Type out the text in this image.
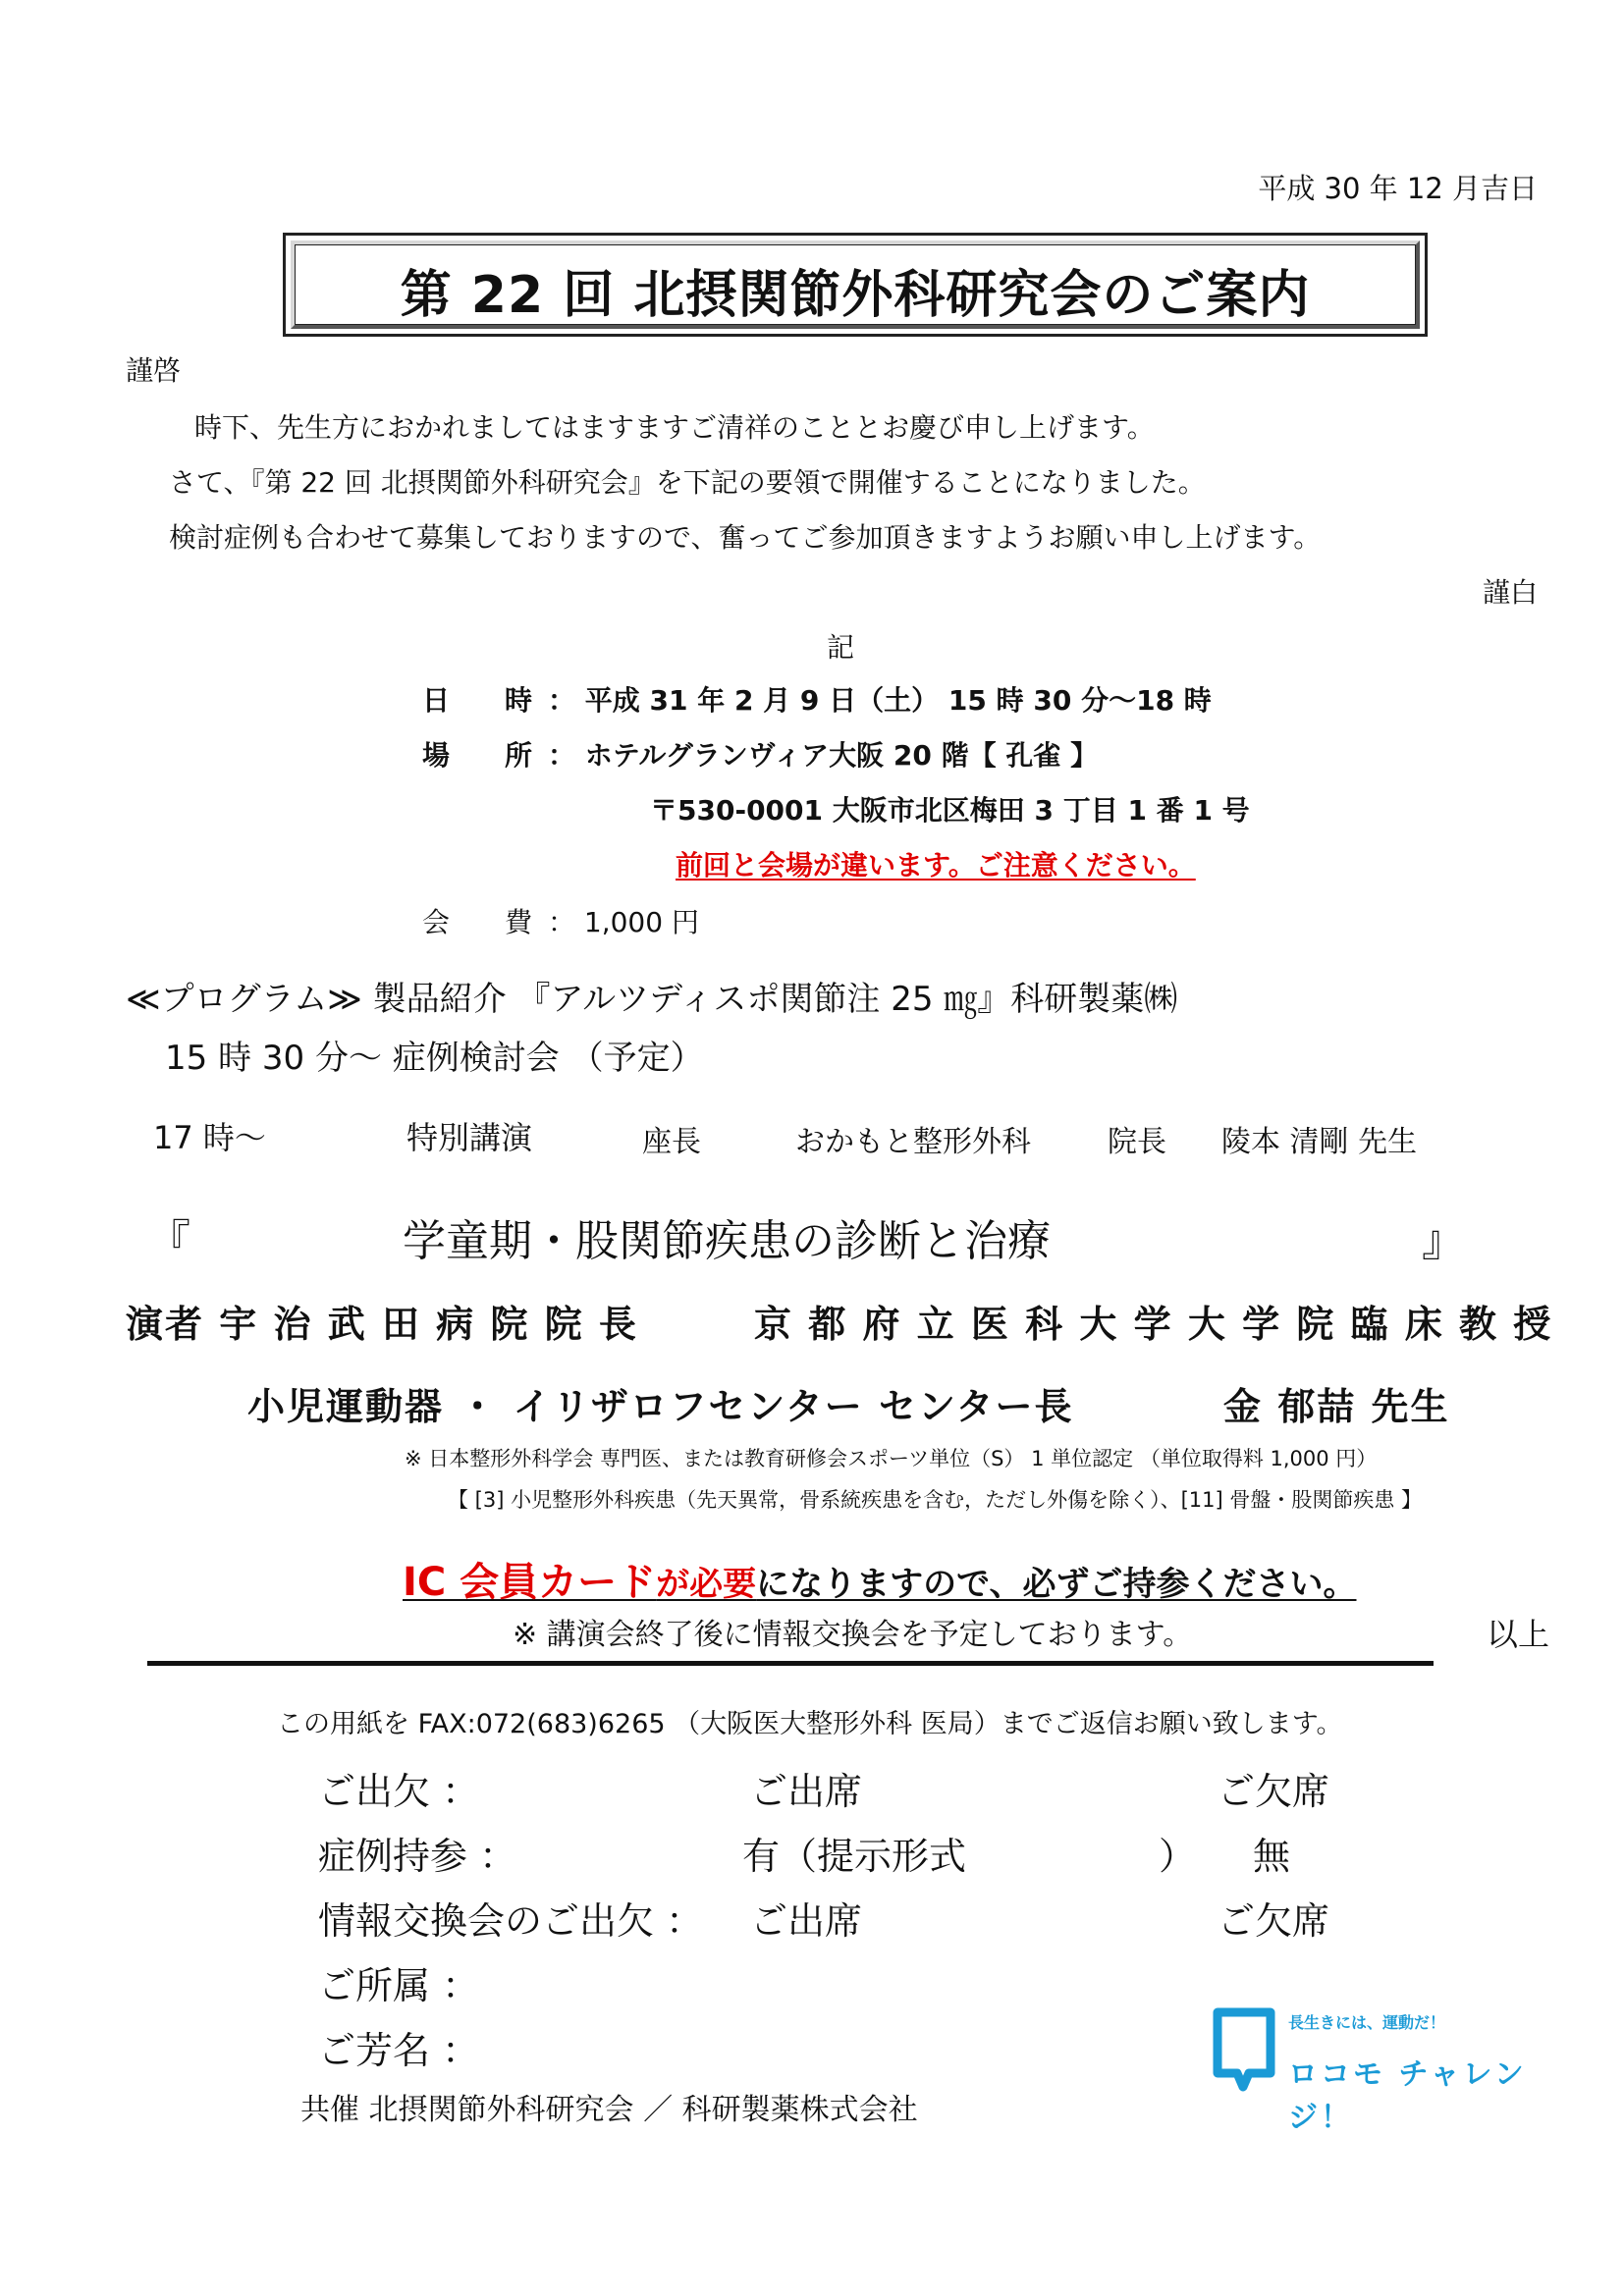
平成 30 年 12 月吉日
第 22 回 北摂関節外科研究会のご案内
謹啓
時下、先生方におかれましてはますますご清祥のこととお慶び申し上げます。
さて、『第 22 回 北摂関節外科研究会』を下記の要領で開催することになりました。
検討症例も合わせて募集しておりますので、奮ってご参加頂きますようお願い申し上げます。
謹白
記
日　　時 ： 平成 31 年 2 月 9 日（土） 15 時 30 分～18 時
場　　所 ： ホテルグランヴィア大阪 20 階【 孔雀 】
〒530-0001 大阪市北区梅田 3 丁目 1 番 1 号
前回と会場が違います。ご注意ください。
会　　費 ： 1,000 円
≪プログラム≫ 製品紹介 『アルツディスポ関節注 25 ㎎』科研製薬㈱
15 時 30 分～ 症例検討会 （予定）
17 時～	特別講演	座長	おかもと整形外科	院長 陵本 清剛 先生
『	学童期・股関節疾患の診断と治療	』
演者 宇 治 武 田 病 院 院 長	京 都 府 立 医 科 大 学 大 学 院 臨 床 教 授
小児運動器 ・ イリザロフセンター センター長	金 郁喆 先生
※ 日本整形外科学会 専門医、または教育研修会スポーツ単位（S） 1 単位認定 （単位取得料 1,000 円）
【 [3] 小児整形外科疾患（先天異常，骨系統疾患を含む，ただし外傷を除く）、[11] 骨盤・股関節疾患 】
IC 会員カードが必要になりますので、必ずご持参ください。
※ 講演会終了後に情報交換会を予定しております。	以上
この用紙を FAX:072(683)6265 （大阪医大整形外科 医局）までご返信お願い致します。
ご出欠 ：	ご出席	ご欠席
症例持参 ：	有（提示形式	） 無
情報交換会のご出欠 ： ご出席	ご欠席
ご所属 ：
ご芳名 ：
共催 北摂関節外科研究会 ／ 科研製薬株式会社
長生きには、運動だ！
ロコモ チャレンジ！
